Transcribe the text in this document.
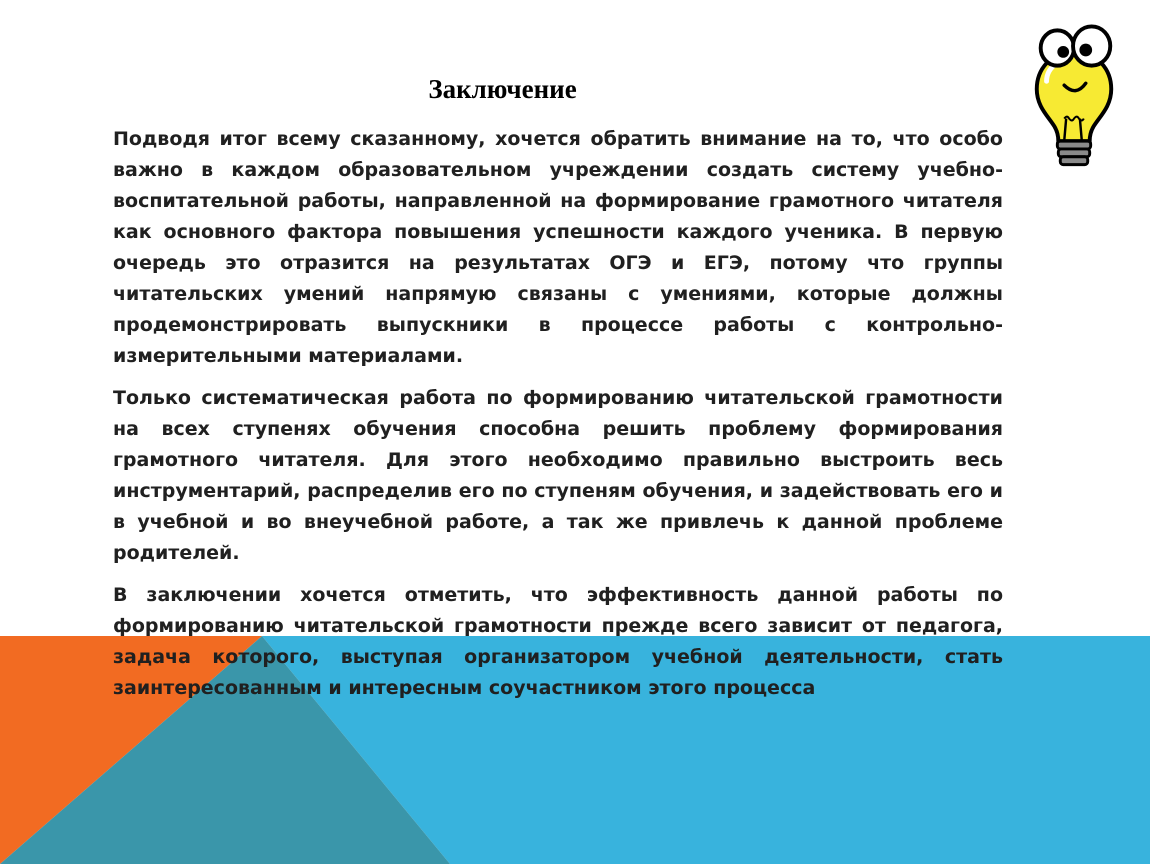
Заключение

Подводя итог всему сказанному, хочется обратить внимание на то, что особо важно в каждом образовательном учреждении создать систему учебно-воспитательной работы, направленной на формирование грамотного читателя как основного фактора повышения успешности каждого ученика. В первую очередь это отразится на результатах ОГЭ и ЕГЭ, потому что группы читательских умений напрямую связаны с умениями, которые должны продемонстрировать выпускники в процессе работы с контрольно-измерительными материалами.

Только систематическая работа по формированию читательской грамотности на всех ступенях обучения способна решить проблему формирования грамотного читателя. Для этого необходимо правильно выстроить весь инструментарий, распределив его по ступеням обучения, и задействовать его и в учебной и во внеучебной работе, а так же привлечь к данной проблеме родителей.

В заключении хочется отметить, что эффективность данной работы по формированию читательской грамотности прежде всего зависит от педагога, задача которого, выступая организатором учебной деятельности, стать заинтересованным и интересным соучастником этого процесса
